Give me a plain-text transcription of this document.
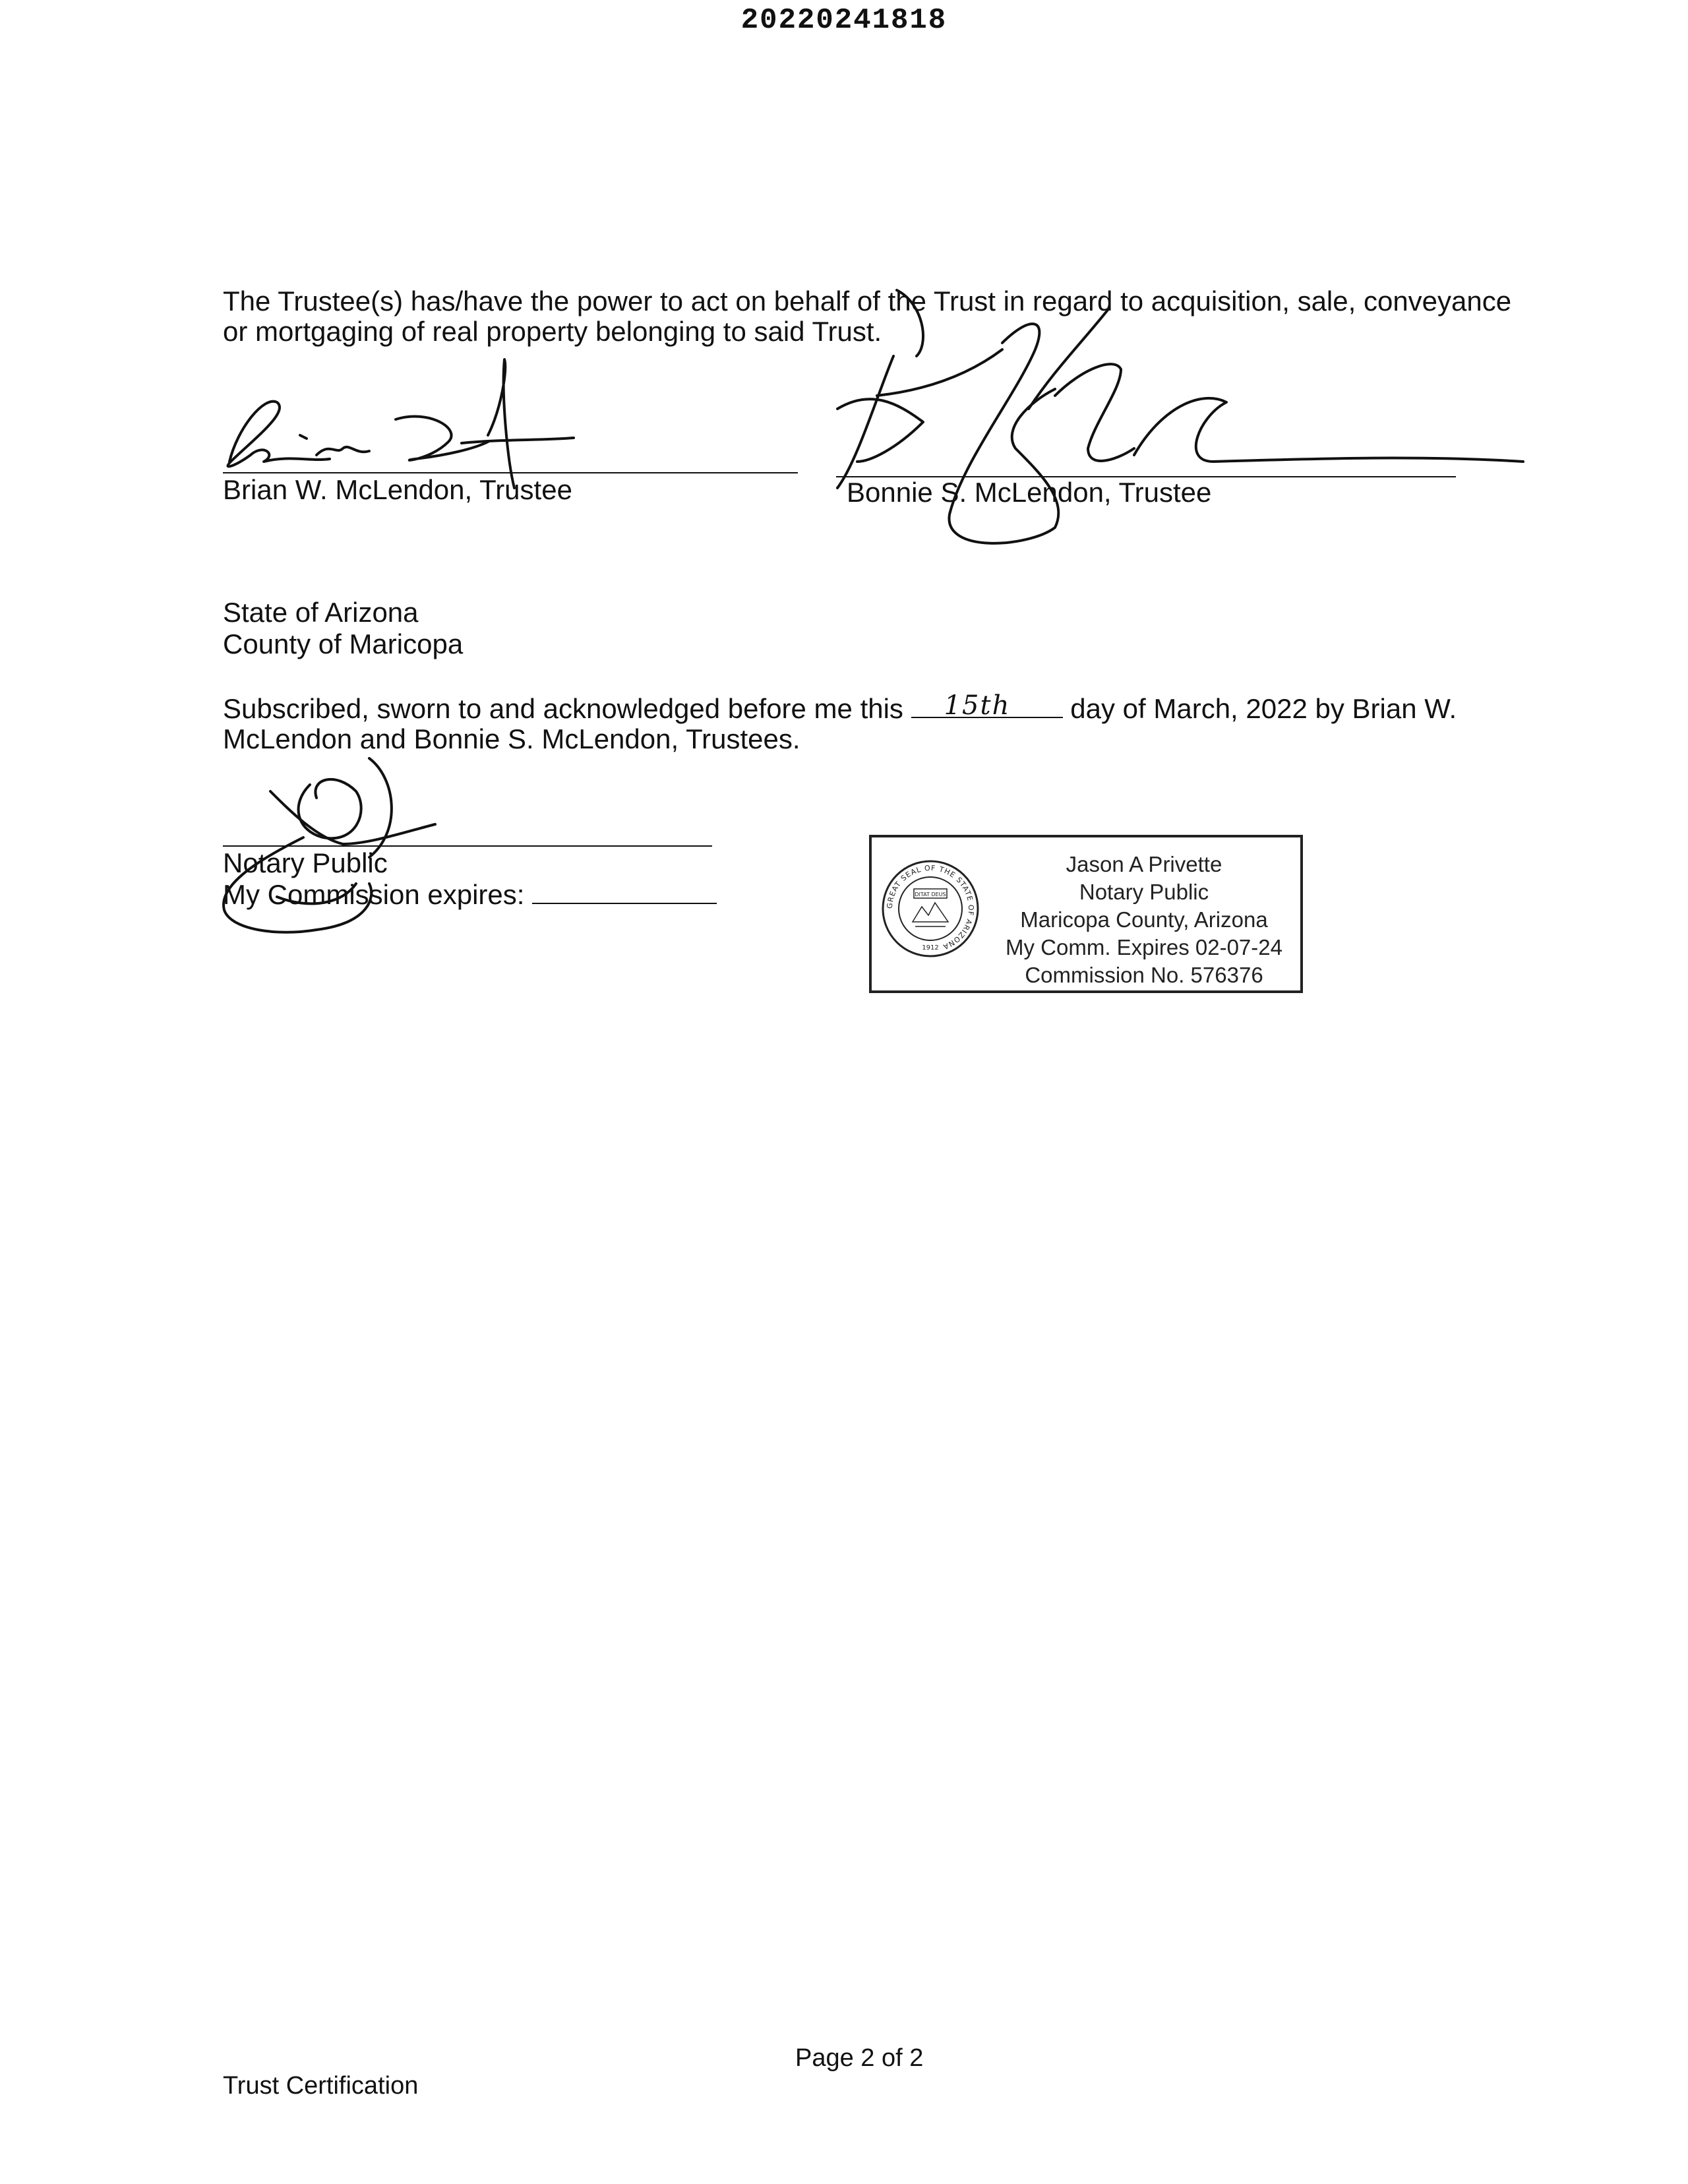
20220241818
The Trustee(s) has/have the power to act on behalf of the Trust in regard to acquisition, sale, conveyance
or mortgaging of real property belonging to said Trust.
Brian W. McLendon, Trustee	Bonnie S. McLendon, Trustee
State of Arizona
County of Maricopa
Subscribed, sworn to and acknowledged before me this 15th day of March, 2022 by Brian W.
McLendon and Bonnie S. McLendon, Trustees.
Notary Public
My Commission expires:	GREAT SEAL OF THE STATE OF ARIZONA
DITAT DEUS
1912
Jason A Privette
Notary Public
Maricopa County, Arizona
My Comm. Expires 02-07-24
Commission No. 576376
Page 2 of 2
Trust Certification
